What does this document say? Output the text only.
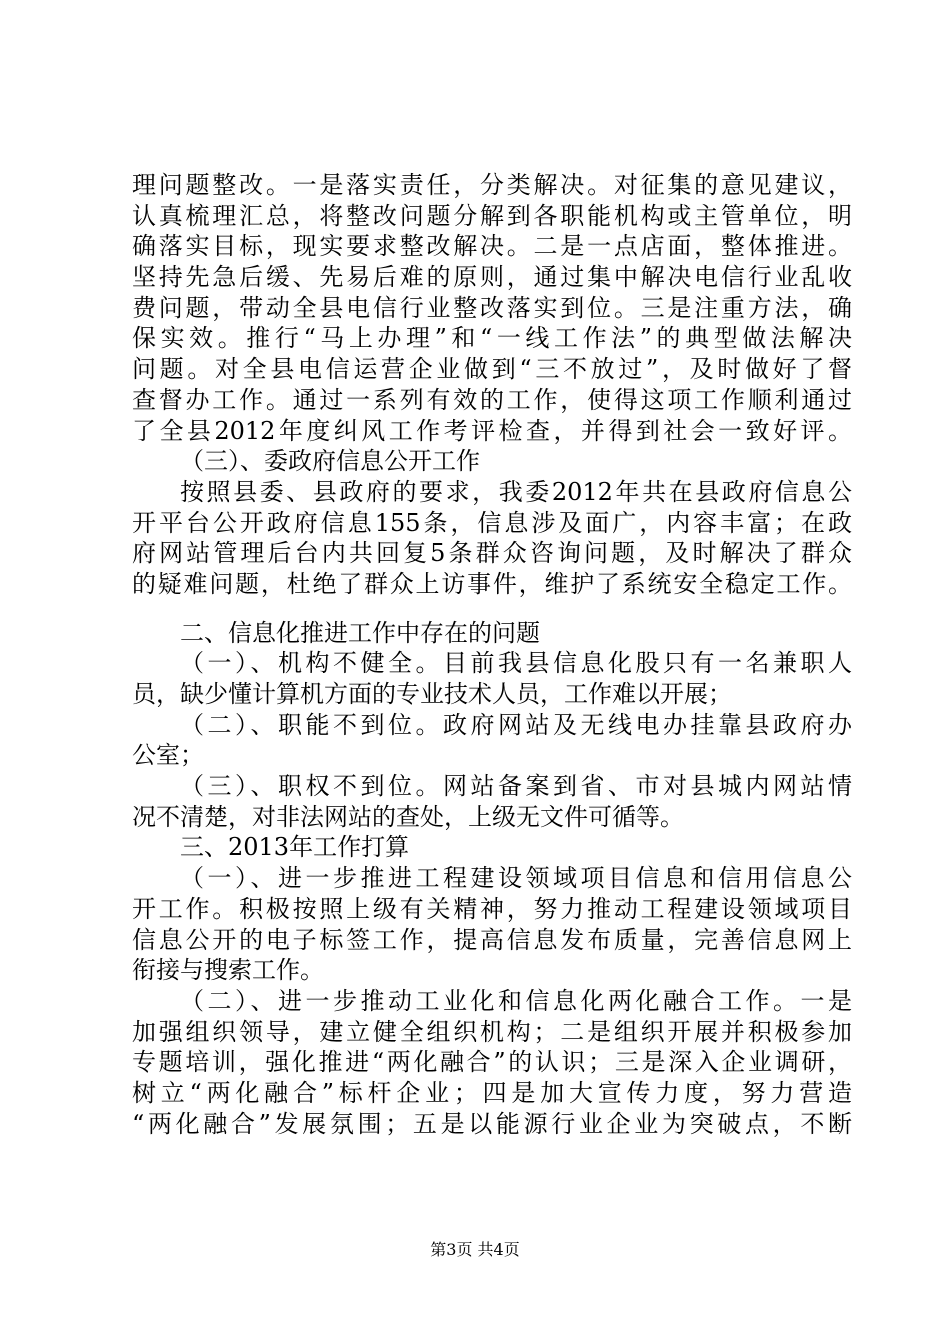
理问题整改。一是落实责任，分类解决。对征集的意见建议，
认真梳理汇总，将整改问题分解到各职能机构或主管单位，明
确落实目标，现实要求整改解决。二是一点店面，整体推进。
坚持先急后缓、先易后难的原则，通过集中解决电信行业乱收
费问题，带动全县电信行业整改落实到位。三是注重方法，确
保实效。推行“马上办理”和“一线工作法”的典型做法解决
问题。对全县电信运营企业做到“三不放过”，及时做好了督
查督办工作。通过一系列有效的工作，使得这项工作顺利通过
了全县2012年度纠风工作考评检查，并得到社会一致好评。
（三）、委政府信息公开工作
按照县委、县政府的要求，我委2012年共在县政府信息公
开平台公开政府信息155条，信息涉及面广，内容丰富；在政
府网站管理后台内共回复5条群众咨询问题，及时解决了群众
的疑难问题，杜绝了群众上访事件，维护了系统安全稳定工作。
二、信息化推进工作中存在的问题
（一）、机构不健全。目前我县信息化股只有一名兼职人
员，缺少懂计算机方面的专业技术人员，工作难以开展；
（二）、职能不到位。政府网站及无线电办挂靠县政府办
公室；
（三）、职权不到位。网站备案到省、市对县城内网站情
况不清楚，对非法网站的查处，上级无文件可循等。
三、2013年工作打算
（一）、进一步推进工程建设领域项目信息和信用信息公
开工作。积极按照上级有关精神，努力推动工程建设领域项目
信息公开的电子标签工作，提高信息发布质量，完善信息网上
衔接与搜索工作。
（二）、进一步推动工业化和信息化两化融合工作。一是
加强组织领导，建立健全组织机构；二是组织开展并积极参加
专题培训，强化推进“两化融合”的认识；三是深入企业调研，
树立“两化融合”标杆企业；四是加大宣传力度，努力营造
“两化融合”发展氛围；五是以能源行业企业为突破点，不断
第3页 共4页
